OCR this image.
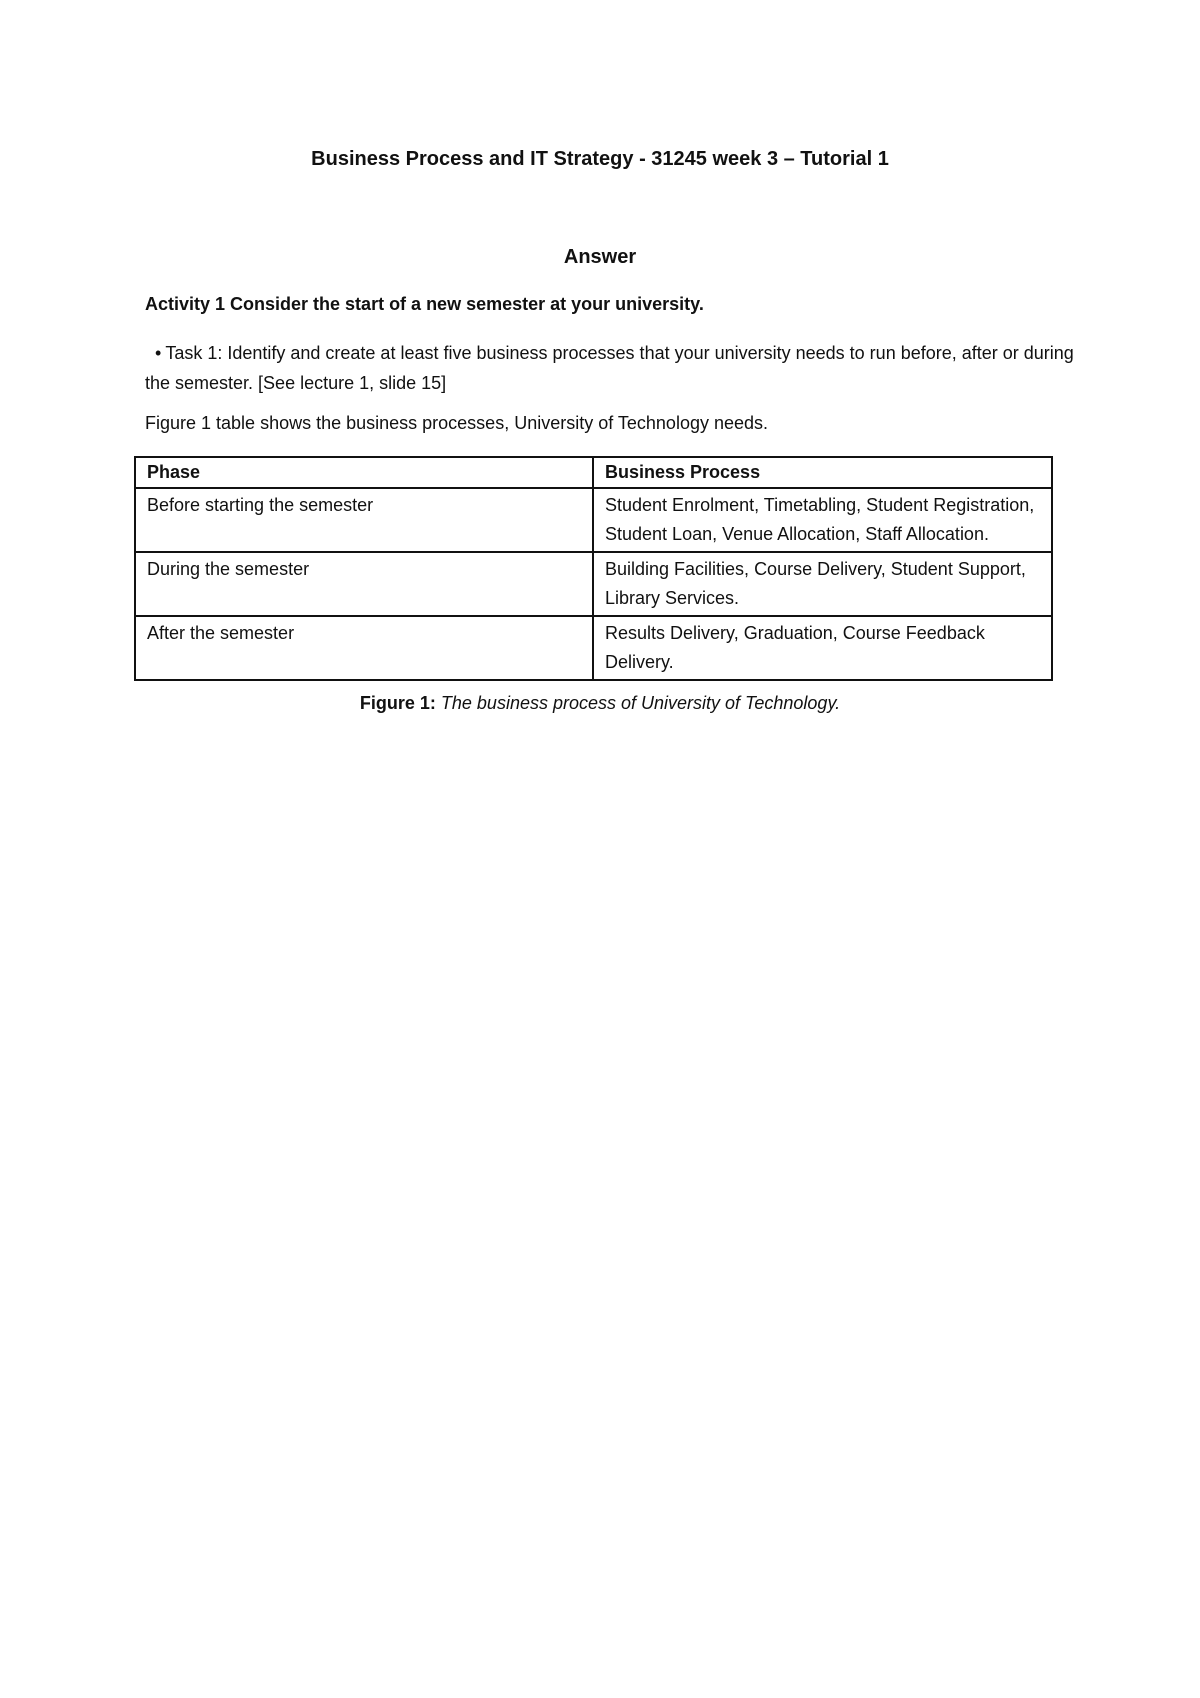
Business Process and IT Strategy - 31245 week 3 – Tutorial 1
Answer
Activity 1 Consider the start of a new semester at your university.
• Task 1: Identify and create at least five business processes that your university needs to run before, after or during the semester. [See lecture 1, slide 15]
Figure 1 table shows the business processes, University of Technology needs.
Phase	Business Process
Before starting the semester	Student Enrolment, Timetabling, Student Registration, Student Loan, Venue Allocation, Staff Allocation.
During the semester	Building Facilities, Course Delivery, Student Support, Library Services.
After the semester	Results Delivery, Graduation, Course Feedback Delivery.
Figure 1: The business process of University of Technology.
